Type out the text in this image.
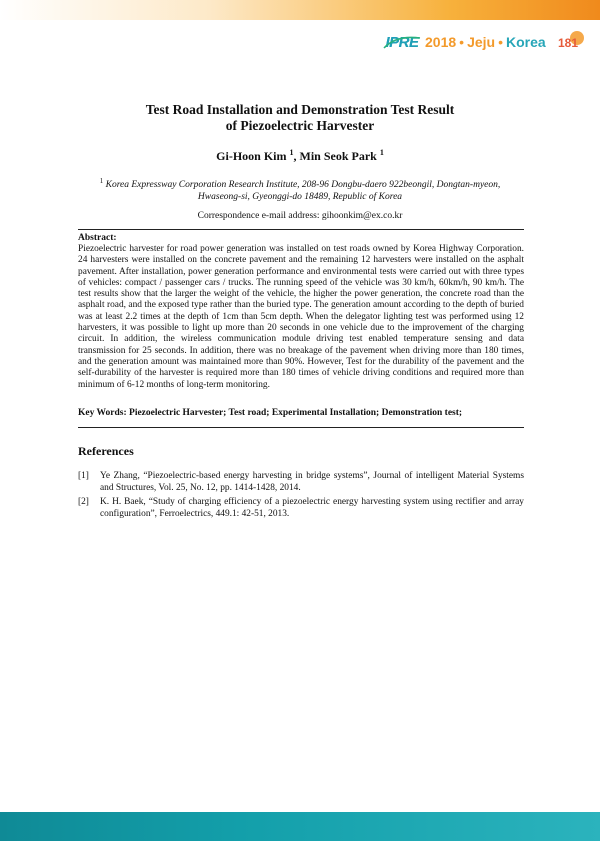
IPRE 2018 • Jeju • Korea 181
Test Road Installation and Demonstration Test Result
of Piezoelectric Harvester
Gi-Hoon Kim $^1$, Min Seok Park $^1$
$^1$ Korea Expressway Corporation Research Institute, 208-96 Dongbu-daero 922beongil, Dongtan-myeon,
Hwaseong-si, Gyeonggi-do 18489, Republic of Korea
Correspondence e-mail address: gihoonkim@ex.co.kr
Abstract:
Piezoelectric harvester for road power generation was installed on test roads owned by Korea Highway Corporation. 24 harvesters were installed on the concrete pavement and the remaining 12 harvesters were installed on the asphalt pavement. After installation, power generation performance and environmental tests were carried out with three types of vehicles: compact / passenger cars / trucks. The running speed of the vehicle was 30 km/h, 60km/h, 90 km/h. The test results show that the larger the weight of the vehicle, the higher the power generation, the concrete road than the asphalt road, and the exposed type rather than the buried type. The generation amount according to the depth of buried was at least 2.2 times at the depth of 1cm than 5cm depth. When the delegator lighting test was performed using 12 harvesters, it was possible to light up more than 20 seconds in one vehicle due to the improvement of the charging circuit. In addition, the wireless communication module driving test enabled temperature sensing and data transmission for 25 seconds. In addition, there was no breakage of the pavement when driving more than 180 times, and the generation amount was maintained more than 90%. However, Test for the durability of the pavement and the self-durability of the harvester is required more than 180 times of vehicle driving conditions and required more than minimum of 6-12 months of long-term monitoring.
Key Words: Piezoelectric Harvester; Test road; Experimental Installation; Demonstration test;
References
[1]	Ye Zhang, “Piezoelectric-based energy harvesting in bridge systems”, Journal of intelligent Material Systems and Structures, Vol. 25, No. 12, pp. 1414-1428, 2014.
[2]	K. H. Baek, “Study of charging efficiency of a piezoelectric energy harvesting system using rectifier and array configuration”, Ferroelectrics, 449.1: 42-51, 2013.
